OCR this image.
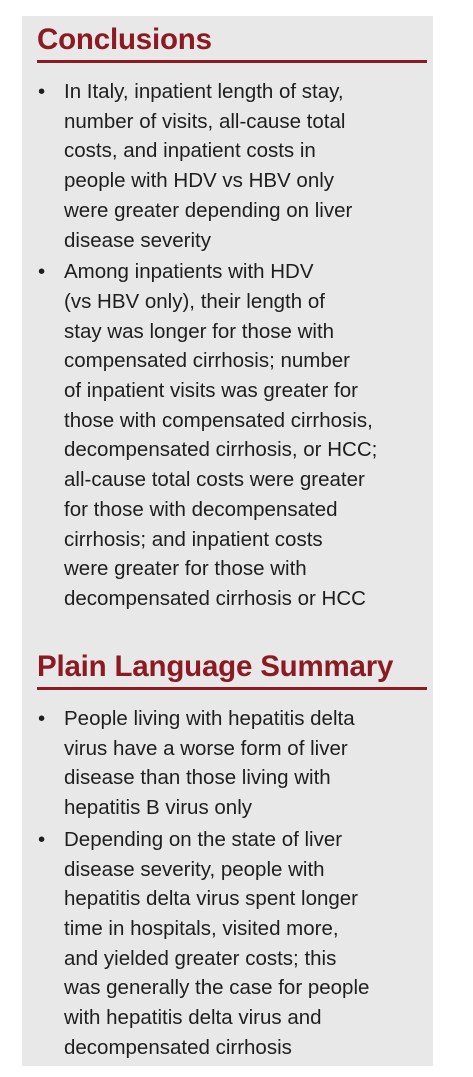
Conclusions
• In Italy, inpatient length of stay,
number of visits, all-cause total
costs, and inpatient costs in
people with HDV vs HBV only
were greater depending on liver
disease severity
• Among inpatients with HDV
(vs HBV only), their length of
stay was longer for those with
compensated cirrhosis; number
of inpatient visits was greater for
those with compensated cirrhosis,
decompensated cirrhosis, or HCC;
all-cause total costs were greater
for those with decompensated
cirrhosis; and inpatient costs
were greater for those with
decompensated cirrhosis or HCC
Plain Language Summary
• People living with hepatitis delta
virus have a worse form of liver
disease than those living with
hepatitis B virus only
• Depending on the state of liver
disease severity, people with
hepatitis delta virus spent longer
time in hospitals, visited more,
and yielded greater costs; this
was generally the case for people
with hepatitis delta virus and
decompensated cirrhosis
